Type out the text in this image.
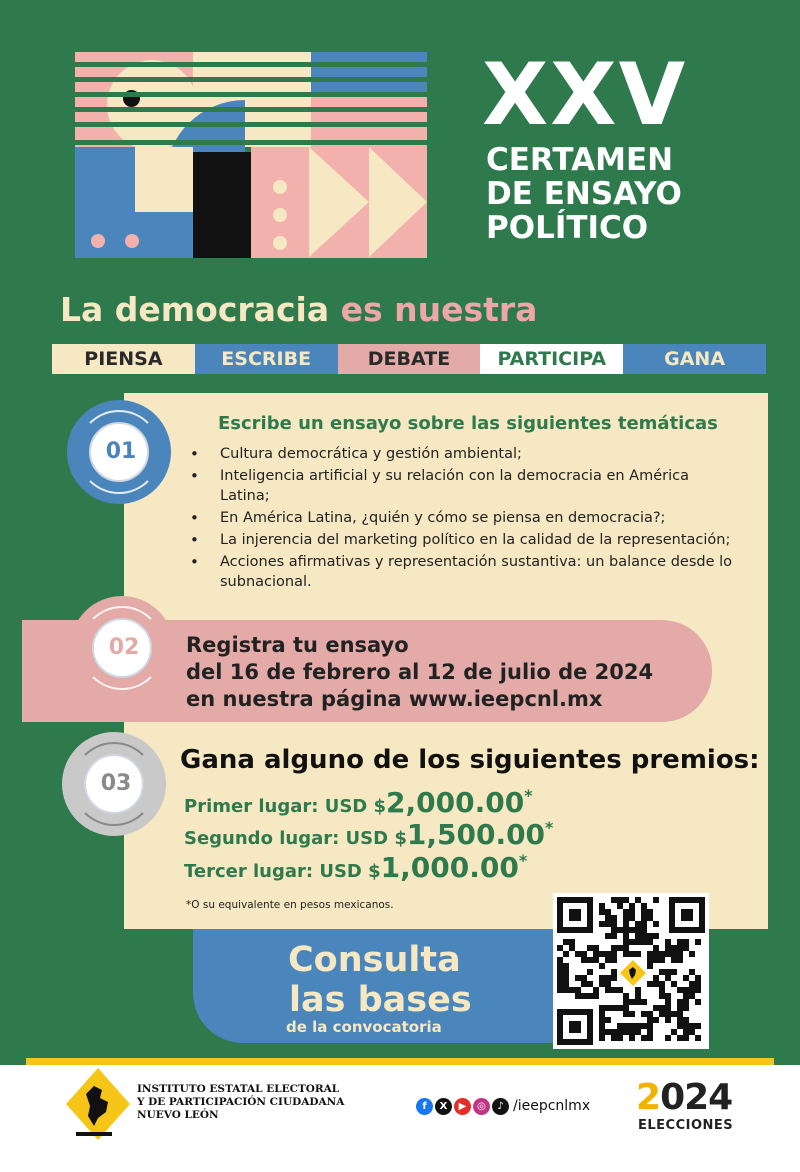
XXV
CERTAMEN
DE ENSAYO
POLÍTICO
La democracia es nuestra
PIENSA	ESCRIBE	DEBATE	PARTICIPA	GANA
01
Escribe un ensayo sobre las siguientes temáticas
• Cultura democrática y gestión ambiental;
• Inteligencia artificial y su relación con la democracia en América Latina;
• En América Latina, ¿quién y cómo se piensa en democracia?;
• La injerencia del marketing político en la calidad de la representación;
• Acciones afirmativas y representación sustantiva: un balance desde lo subnacional.
02	Registra tu ensayo
del 16 de febrero al 12 de julio de 2024
en nuestra página www.ieepcnl.mx
03
Gana alguno de los siguientes premios:
Primer lugar: USD $2,000.00*
Segundo lugar: USD $1,500.00*
Tercer lugar: USD $1,000.00*
*O su equivalente en pesos mexicanos.
Consulta
las bases
de la convocatoria
INSTITUTO ESTATAL ELECTORAL
Y DE PARTICIPACIÓN CIUDADANA
NUEVO LEÓN
f	X	▶	◎	♪ /ieepcnlmx 2024
ELECCIONES
